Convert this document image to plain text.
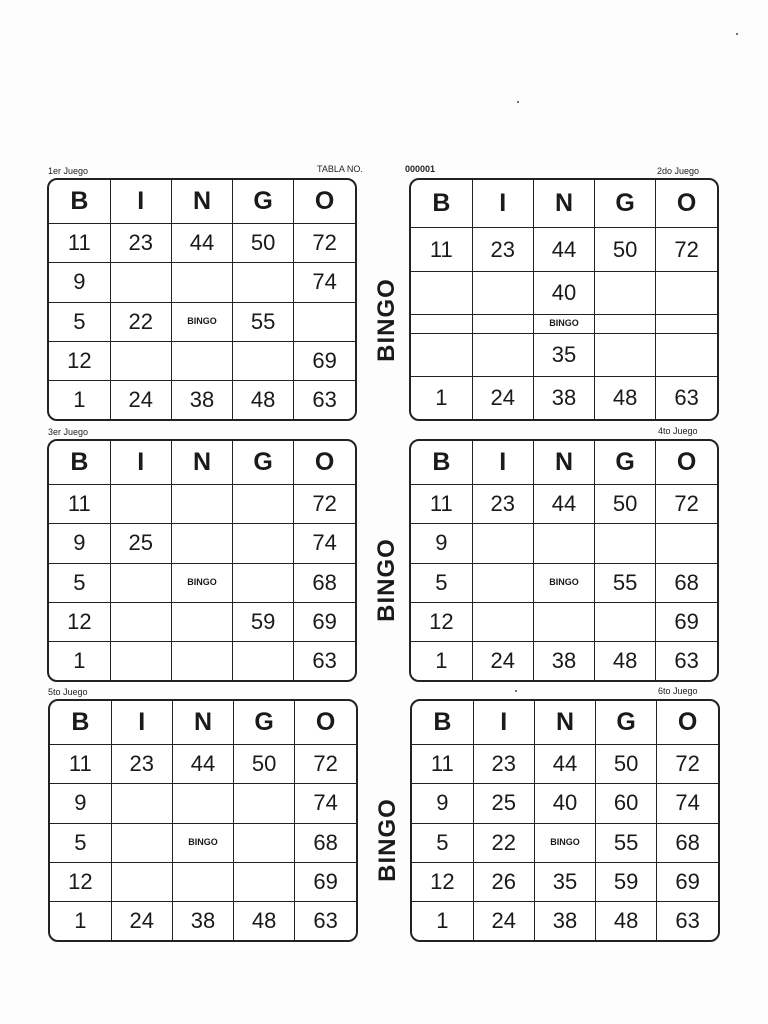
1er Juego	TABLA NO.	000001	2do Juego
3er Juego	4to Juego
5to Juego	6to Juego
B	I	N	G	O
11	23	44	50	72
9				74
5	22	BINGO	55	
12				69
1	24	38	48	63
B	I	N	G	O
11	23	44	50	72
		40		
		BINGO		
		35		
1	24	38	48	63
B	I	N	G	O
11				72
9	25			74
5		BINGO		68
12			59	69
1				63
B	I	N	G	O
11	23	44	50	72
9				
5		BINGO	55	68
12				69
1	24	38	48	63
B	I	N	G	O
11	23	44	50	72
9				74
5		BINGO		68
12				69
1	24	38	48	63
B	I	N	G	O
11	23	44	50	72
9	25	40	60	74
5	22	BINGO	55	68
12	26	35	59	69
1	24	38	48	63
BINGO
BINGO
BINGO
